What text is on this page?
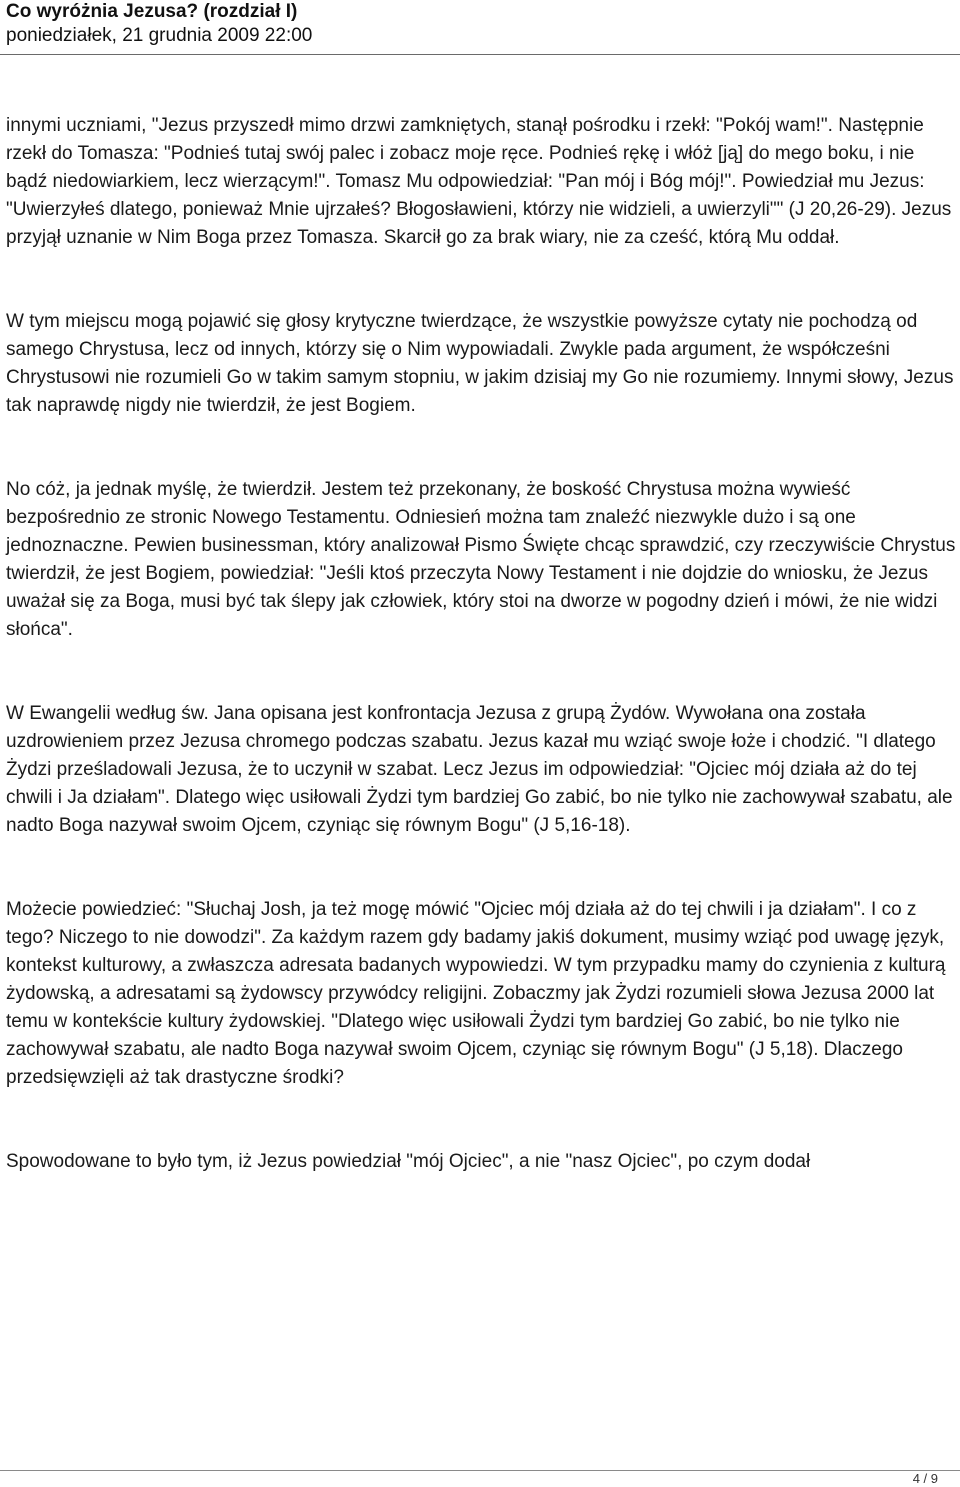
Co wyróżnia Jezusa? (rozdział I)

poniedziałek, 21 grudnia 2009 22:00

innymi uczniami, "Jezus przyszedł mimo drzwi zamkniętych, stanął pośrodku i rzekł: "Pokój wam!". Następnie rzekł do Tomasza: "Podnieś tutaj swój palec i zobacz moje ręce. Podnieś rękę i włóż [ją] do mego boku, i nie bądź niedowiarkiem, lecz wierzącym!". Tomasz Mu odpowiedział: "Pan mój i Bóg mój!". Powiedział mu Jezus: "Uwierzyłeś dlatego, ponieważ Mnie ujrzałeś? Błogosławieni, którzy nie widzieli, a uwierzyli"" (J 20,26-29). Jezus przyjął uznanie w Nim Boga przez Tomasza. Skarcił go za brak wiary, nie za cześć, którą Mu oddał.

W tym miejscu mogą pojawić się głosy krytyczne twierdzące, że wszystkie powyższe cytaty nie pochodzą od samego Chrystusa, lecz od innych, którzy się o Nim wypowiadali. Zwykle pada argument, że współcześni Chrystusowi nie rozumieli Go w takim samym stopniu, w jakim dzisiaj my Go nie rozumiemy. Innymi słowy, Jezus tak naprawdę nigdy nie twierdził, że jest Bogiem.

No cóż, ja jednak myślę, że twierdził. Jestem też przekonany, że boskość Chrystusa można wywieść bezpośrednio ze stronic Nowego Testamentu. Odniesień można tam znaleźć niezwykle dużo i są one jednoznaczne. Pewien businessman, który analizował Pismo Święte chcąc sprawdzić, czy rzeczywiście Chrystus twierdził, że jest Bogiem, powiedział: "Jeśli ktoś przeczyta Nowy Testament i nie dojdzie do wniosku, że Jezus uważał się za Boga, musi być tak ślepy jak człowiek, który stoi na dworze w pogodny dzień i mówi, że nie widzi słońca".

W Ewangelii według św. Jana opisana jest konfrontacja Jezusa z grupą Żydów. Wywołana ona została uzdrowieniem przez Jezusa chromego podczas szabatu. Jezus kazał mu wziąć swoje łoże i chodzić. "I dlatego Żydzi prześladowali Jezusa, że to uczynił w szabat. Lecz Jezus im odpowiedział: "Ojciec mój działa aż do tej chwili i Ja działam". Dlatego więc usiłowali Żydzi tym bardziej Go zabić, bo nie tylko nie zachowywał szabatu, ale nadto Boga nazywał swoim Ojcem, czyniąc się równym Bogu" (J 5,16-18).

Możecie powiedzieć: "Słuchaj Josh, ja też mogę mówić "Ojciec mój działa aż do tej chwili i ja działam". I co z tego? Niczego to nie dowodzi". Za każdym razem gdy badamy jakiś dokument, musimy wziąć pod uwagę język, kontekst kulturowy, a zwłaszcza adresata badanych wypowiedzi. W tym przypadku mamy do czynienia z kulturą żydowską, a adresatami są żydowscy przywódcy religijni. Zobaczmy jak Żydzi rozumieli słowa Jezusa 2000 lat temu w kontekście kultury żydowskiej. "Dlatego więc usiłowali Żydzi tym bardziej Go zabić, bo nie tylko nie zachowywał szabatu, ale nadto Boga nazywał swoim Ojcem, czyniąc się równym Bogu" (J 5,18). Dlaczego przedsięwzięli aż tak drastyczne środki?

Spowodowane to było tym, iż Jezus powiedział "mój Ojciec", a nie "nasz Ojciec", po czym dodał

4 / 9
